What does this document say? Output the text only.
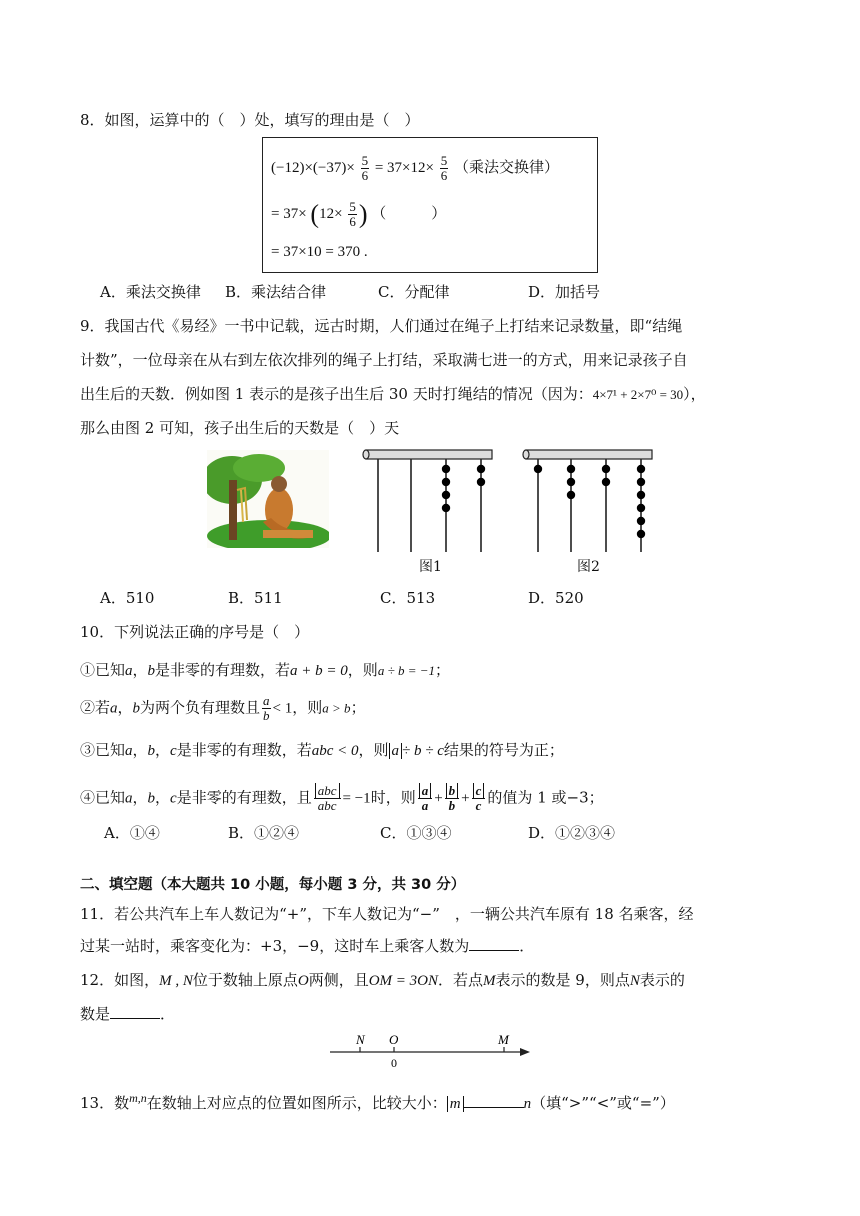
8．如图，运算中的（　）处，填写的理由是（　）
$(-12)\times(-37)\times \frac{5}{6} = 37\times 12\times \frac{5}{6}$ （乘法交换律）
= $37\times (12\times \frac{5}{6}$ ) （　　　）
= 37×10 = 370 .
A．乘法交换律 B．乘法结合律	C．分配律	D．加括号
9．我国古代《易经》一书中记载，远古时期，人们通过在绳子上打结来记录数量，即“结绳
计数”，一位母亲在从右到左依次排列的绳子上打结，采取满七进一的方式，用来记录孩子自
出生后的天数．例如图 1 表示的是孩子出生后 30 天时打绳结的情况（因为：4×7¹ + 2×7⁰ = 30），
那么由图 2 可知，孩子出生后的天数是（　）天
图1	图2
A．510	B．511	C．513	D．520
10．下列说法正确的序号是（　）
①已知a，b是非零的有理数，若a + b = 0，则a ÷ b = −1；
②若a，b为两个负有理数且 $\frac{a}{b} < 1$，则a > b；
③已知a，b，c是非零的有理数，若abc < 0，则 a ÷ b ÷ c结果的符号为正；
④已知a，b，c是非零的有理数，且 $\frac{\text{abc}}{\text{abc}} = -1$时，则 $\frac{a}{a} + \frac{b}{b} + \frac{c}{c}$ 的值为 1 或−3；
A．①④	B．①②④	C．①③④	D．①②③④
二、填空题（本大题共 10 小题，每小题 3 分，共 30 分）
11．若公共汽车上车人数记为“+”，下车人数记为“−”　，一辆公共汽车原有 18 名乘客，经
过某一站时，乘客变化为：+3，−9，这时车上乘客人数为	．
12．如图，M , N位于数轴上原点O两侧，且OM = 3ON．若点M表示的数是 9，则点N表示的
数是	．
N O	M
0
13．数$^{m,n}$在数轴上对应点的位置如图所示，比较大小： m	n（填“>”“<”或“=”）
